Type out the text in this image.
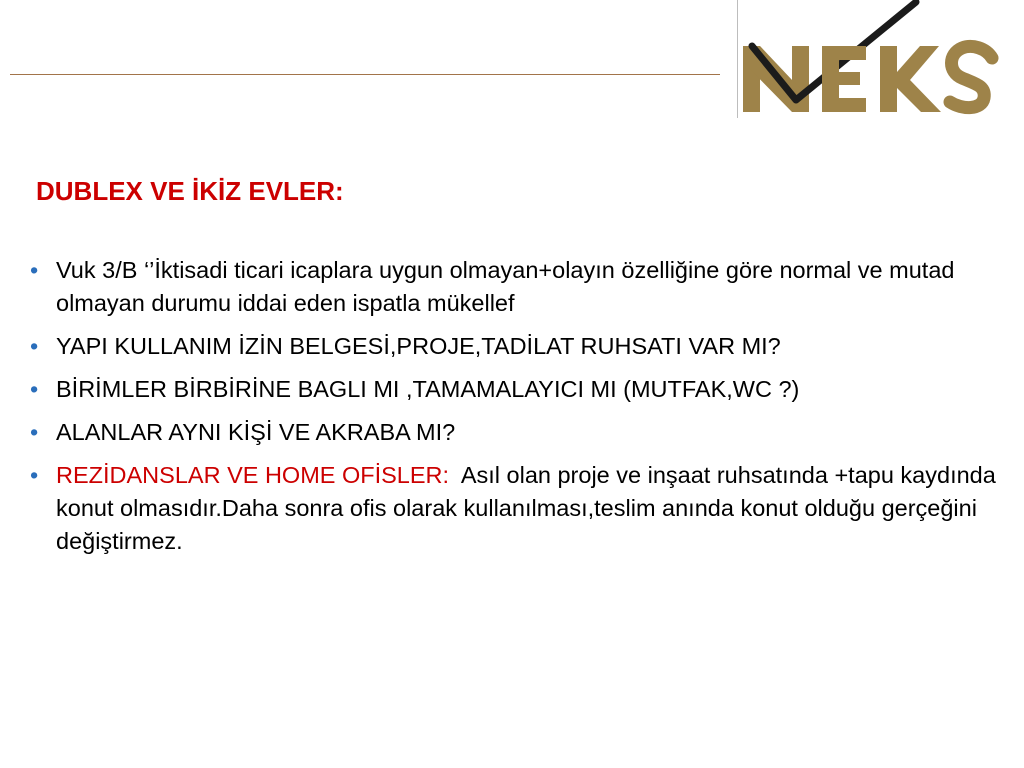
NEKS
DUBLEX VE İKİZ EVLER:
• Vuk 3/B ‘’İktisadi ticari icaplara uygun olmayan+olayın özelliğine göre normal ve mutad olmayan durumu iddai eden ispatla mükellef
• YAPI KULLANIM İZİN BELGESİ,PROJE,TADİLAT RUHSATI VAR MI?
• BİRİMLER BİRBİRİNE BAGLI MI ,TAMAMALAYICI MI (MUTFAK,WC ?)
• ALANLAR AYNI KİŞİ VE AKRABA MI?
• REZİDANSLAR VE HOME OFİSLER: Asıl olan proje ve inşaat ruhsatında +tapu kaydında konut olmasıdır.Daha sonra ofis olarak kullanılması,teslim anında konut olduğu gerçeğini değiştirmez.
